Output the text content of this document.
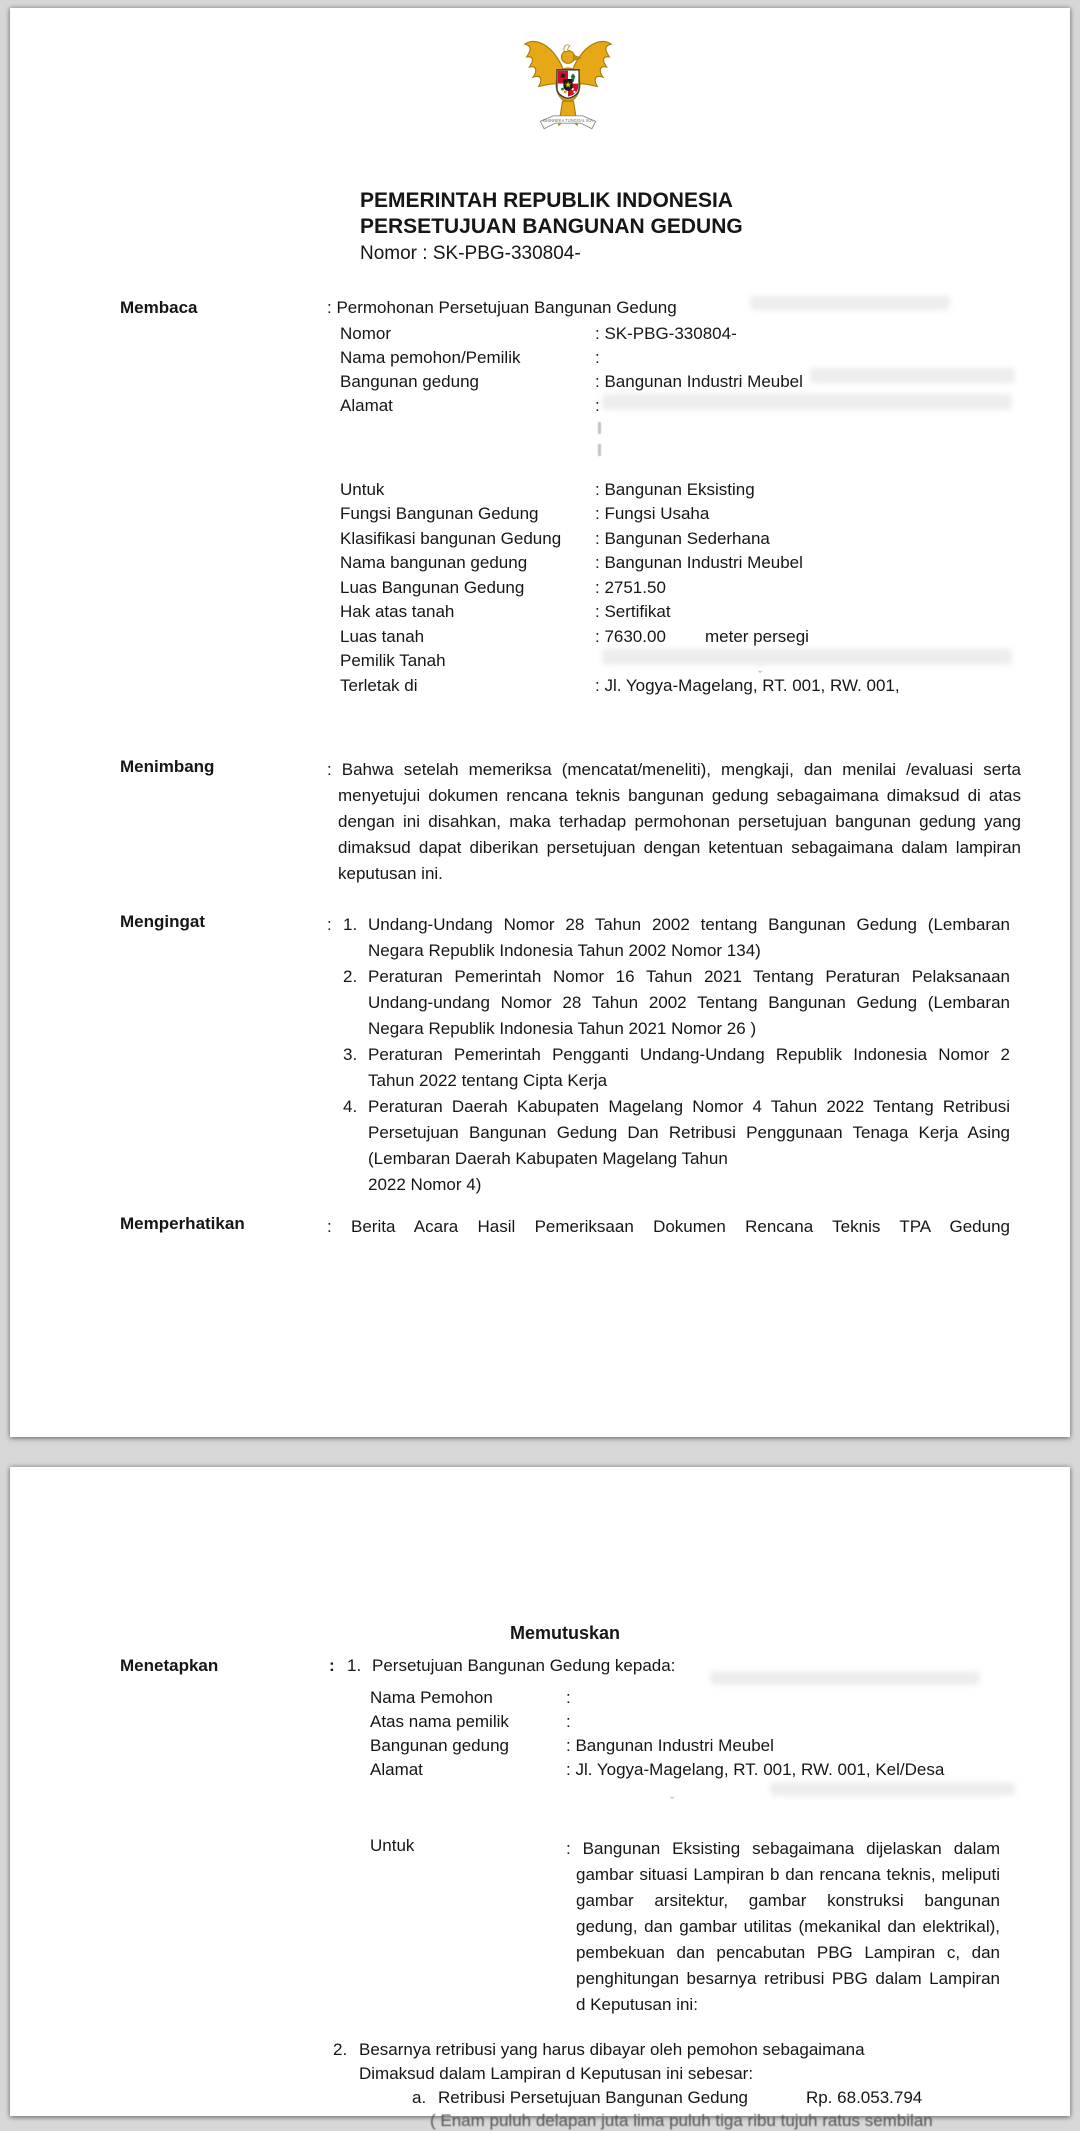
★
BHINNEKA TUNGGAL IKA
PEMERINTAH REPUBLIK INDONESIA
PERSETUJUAN BANGUNAN GEDUNG
Nomor : SK-PBG-330804-
Membaca	: Permohonan Persetujuan Bangunan Gedung
Nomor	: SK-PBG-330804-
Nama pemohon/Pemilik	:
Bangunan gedung	: Bangunan Industri Meubel
Alamat	:
Untuk	: Bangunan Eksisting
Fungsi Bangunan Gedung	: Fungsi Usaha
Klasifikasi bangunan Gedung : Bangunan Sederhana
Nama bangunan gedung	: Bangunan Industri Meubel
Luas Bangunan Gedung	: 2751.50
Hak atas tanah	: Sertifikat
Luas tanah	: 7630.00 meter persegi
Pemilik Tanah	ˬ
Terletak di	: Jl. Yogya-Magelang, RT. 001, RW. 001,
Menimbang	: Bahwa setelah memeriksa (mencatat/meneliti), mengkaji, dan menilai /evaluasi serta menyetujui dokumen rencana teknis bangunan gedung sebagaimana dimaksud di atas dengan ini disahkan, maka terhadap permohonan persetujuan bangunan gedung yang dimaksud dapat diberikan persetujuan dengan ketentuan sebagaimana dalam lampiran keputusan ini.
Mengingat	: 1. Undang-Undang Nomor 28 Tahun 2002 tentang Bangunan Gedung (Lembaran Negara Republik Indonesia Tahun 2002 Nomor 134)
2. Peraturan Pemerintah Nomor 16 Tahun 2021 Tentang Peraturan Pelaksanaan Undang-undang Nomor 28 Tahun 2002 Tentang Bangunan Gedung (Lembaran Negara Republik Indonesia Tahun 2021 Nomor 26 )
3. Peraturan Pemerintah Pengganti Undang-Undang Republik Indonesia Nomor 2 Tahun 2022 tentang Cipta Kerja
4. Peraturan Daerah Kabupaten Magelang Nomor 4 Tahun 2022 Tentang Retribusi Persetujuan Bangunan Gedung Dan Retribusi Penggunaan Tenaga Kerja Asing (Lembaran Daerah Kabupaten Magelang Tahun
2022 Nomor 4)
Memperhatikan	: Berita Acara Hasil Pemeriksaan Dokumen Rencana Teknis TPA Gedung
Memutuskan
Menetapkan	: 1. Persetujuan Bangunan Gedung kepada:
Nama Pemohon	:
Atas nama pemilik	:
Bangunan gedung	: Bangunan Industri Meubel
Alamat	: Jl. Yogya-Magelang, RT. 001, RW. 001, Kel/Desa
ˬ
Untuk	: Bangunan Eksisting sebagaimana dijelaskan dalam gambar situasi Lampiran b dan rencana teknis, meliputi gambar arsitektur, gambar konstruksi bangunan gedung, dan gambar utilitas (mekanikal dan elektrikal), pembekuan dan pencabutan PBG Lampiran c, dan penghitungan besarnya retribusi PBG dalam Lampiran d Keputusan ini:
2. Besarnya retribusi yang harus dibayar oleh pemohon sebagaimana
Dimaksud dalam Lampiran d Keputusan ini sebesar:
a. Retribusi Persetujuan Bangunan Gedung	Rp. 68.053.794
( Enam puluh delapan juta lima puluh tiga ribu tujuh ratus sembilan
